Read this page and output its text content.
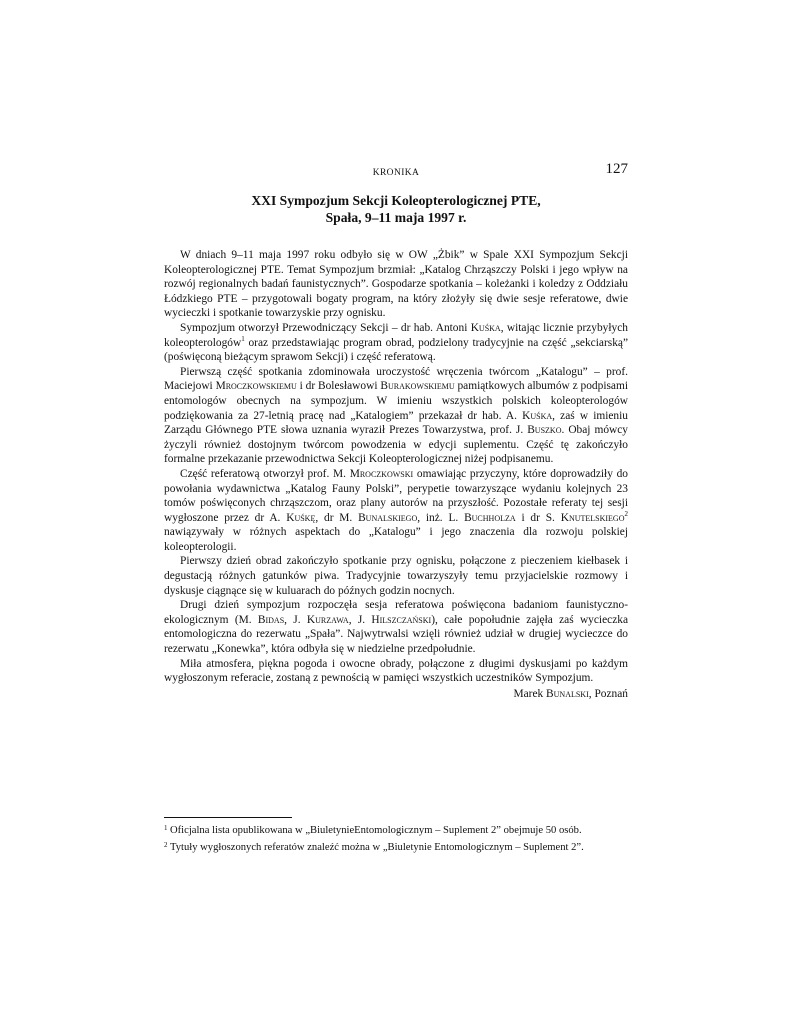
KRONIKA	127
XXI Sympozjum Sekcji Koleopterologicznej PTE,
Spała, 9–11 maja 1997 r.

W dniach 9–11 maja 1997 roku odbyło się w OW „Żbik” w Spale XXI Sympozjum Sekcji Koleopterologicznej PTE. Temat Sympozjum brzmiał: „Katalog Chrząszczy Polski i jego wpływ na rozwój regionalnych badań faunistycznych”. Gospodarze spotkania – koleżanki i koledzy z Oddziału Łódzkiego PTE – przygotowali bogaty program, na który złożyły się dwie sesje referatowe, dwie wycieczki i spotkanie towarzyskie przy ognisku.

Sympozjum otworzył Przewodniczący Sekcji – dr hab. Antoni Kuśka, witając licznie przybyłych koleopterologów$^1$ oraz przedstawiając program obrad, podzielony tradycyjnie na część „sekciarską” (poświęconą bieżącym sprawom Sekcji) i część referatową.

Pierwszą część spotkania zdominowała uroczystość wręczenia twórcom „Katalogu” – prof. Maciejowi Mroczkowskiemu i dr Bolesławowi Burakowskiemu pamiątkowych albumów z podpisami entomologów obecnych na sympozjum. W imieniu wszystkich polskich koleopterologów podziękowania za 27-letnią pracę nad „Katalogiem” przekazał dr hab. A. Kuśka, zaś w imieniu Zarządu Głównego PTE słowa uznania wyraził Prezes Towarzystwa, prof. J. Buszko. Obaj mówcy życzyli również dostojnym twórcom powodzenia w edycji suplementu. Część tę zakończyło formalne przekazanie przewodnictwa Sekcji Koleopterologicznej niżej podpisanemu.

Część referatową otworzył prof. M. Mroczkowski omawiając przyczyny, które doprowadziły do powołania wydawnictwa „Katalog Fauny Polski”, perypetie towarzyszące wydaniu kolejnych 23 tomów poświęconych chrząszczom, oraz plany autorów na przyszłość. Pozostałe referaty tej sesji wygłoszone przez dr A. Kuśkę, dr M. Bunalskiego, inż. L. Buchholza i dr S. Knutelskiego$^2$ nawiązywały w różnych aspektach do „Katalogu” i jego znaczenia dla rozwoju polskiej koleopterologii.

Pierwszy dzień obrad zakończyło spotkanie przy ognisku, połączone z pieczeniem kiełbasek i degustacją różnych gatunków piwa. Tradycyjnie towarzyszyły temu przyjacielskie rozmowy i dyskusje ciągnące się w kuluarach do późnych godzin nocnych.

Drugi dzień sympozjum rozpoczęła sesja referatowa poświęcona badaniom faunistyczno-ekologicznym (M. Bidas, J. Kurzawa, J. Hilszczański), całe popołudnie zajęła zaś wycieczka entomologiczna do rezerwatu „Spała”. Najwytrwalsi wzięli również udział w drugiej wycieczce do rezerwatu „Konewka”, która odbyła się w niedzielne przedpołudnie.

Miła atmosfera, piękna pogoda i owocne obrady, połączone z długimi dyskusjami po każdym wygłoszonym referacie, zostaną z pewnością w pamięci wszystkich uczestników Sympozjum.

Marek Bunalski, Poznań
1 Oficjalna lista opublikowana w „BiuletynieEntomologicznym – Suplement 2” obejmuje 50 osób.
2 Tytuły wygłoszonych referatów znaleźć można w „Biuletynie Entomologicznym – Suplement 2”.
